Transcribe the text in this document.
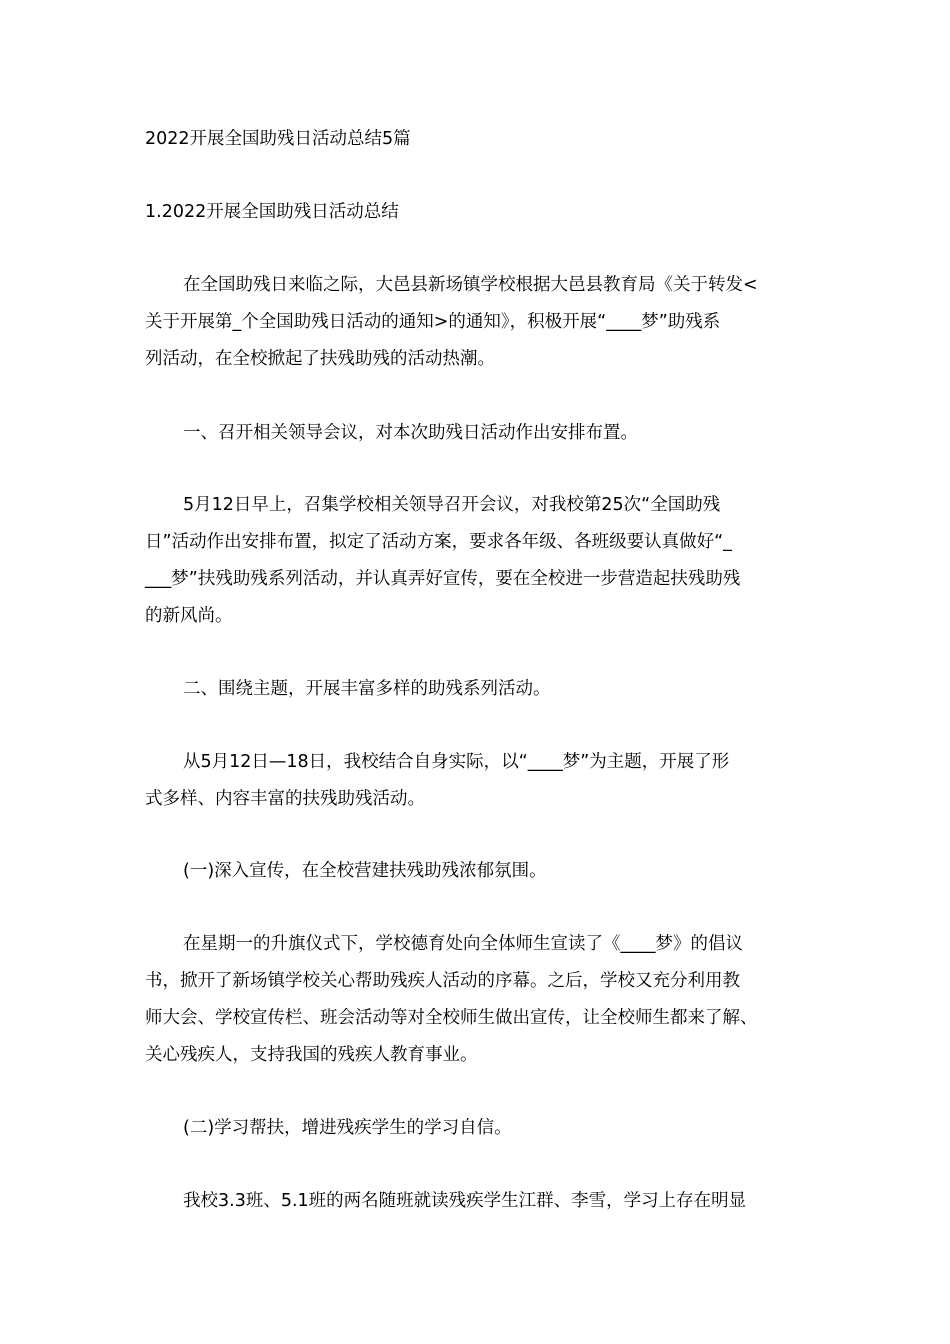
2022开展全国助残日活动总结5篇
1.2022开展全国助残日活动总结
在全国助残日来临之际，大邑县新场镇学校根据大邑县教育局《关于转发<
关于开展第_个全国助残日活动的通知>的通知》，积极开展“____梦”助残系
列活动，在全校掀起了扶残助残的活动热潮。
一、召开相关领导会议，对本次助残日活动作出安排布置。
5月12日早上，召集学校相关领导召开会议，对我校第25次“全国助残
日”活动作出安排布置，拟定了活动方案，要求各年级、各班级要认真做好“_
___梦”扶残助残系列活动，并认真弄好宣传，要在全校进一步营造起扶残助残
的新风尚。
二、围绕主题，开展丰富多样的助残系列活动。
从5月12日—18日，我校结合自身实际，以“____梦”为主题，开展了形
式多样、内容丰富的扶残助残活动。
(一)深入宣传，在全校营建扶残助残浓郁氛围。
在星期一的升旗仪式下，学校德育处向全体师生宣读了《____梦》的倡议
书，掀开了新场镇学校关心帮助残疾人活动的序幕。之后，学校又充分利用教
师大会、学校宣传栏、班会活动等对全校师生做出宣传，让全校师生都来了解、
关心残疾人，支持我国的残疾人教育事业。
(二)学习帮扶，增进残疾学生的学习自信。
我校3.3班、5.1班的两名随班就读残疾学生江群、李雪，学习上存在明显
